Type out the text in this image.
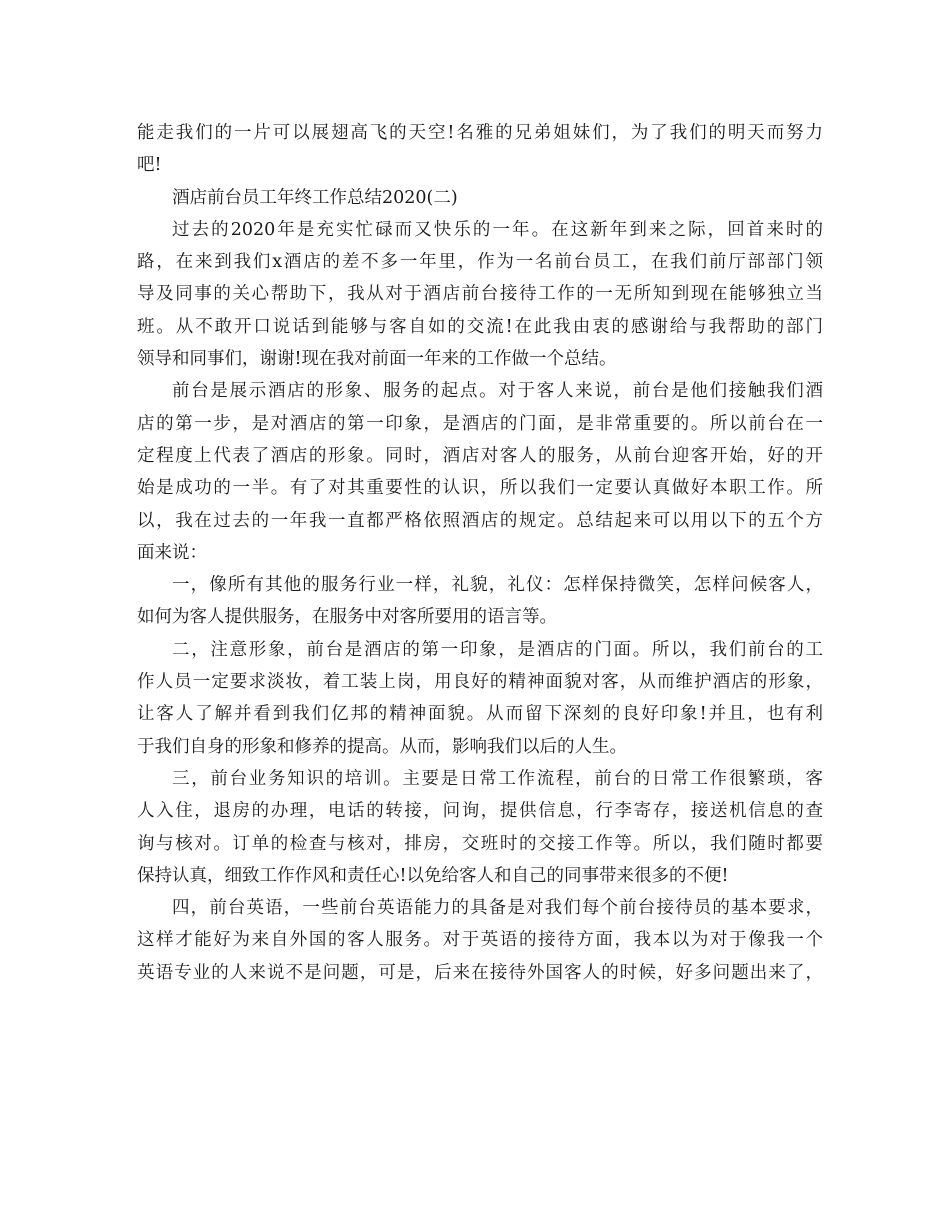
能走我们的一片可以展翅高飞的天空!名雅的兄弟姐妹们，为了我们的明天而努力
吧!
酒店前台员工年终工作总结2020(二)
过去的2020年是充实忙碌而又快乐的一年。在这新年到来之际，回首来时的
路，在来到我们x酒店的差不多一年里，作为一名前台员工，在我们前厅部部门领
导及同事的关心帮助下，我从对于酒店前台接待工作的一无所知到现在能够独立当
班。从不敢开口说话到能够与客自如的交流!在此我由衷的感谢给与我帮助的部门
领导和同事们，谢谢!现在我对前面一年来的工作做一个总结。
前台是展示酒店的形象、服务的起点。对于客人来说，前台是他们接触我们酒
店的第一步，是对酒店的第一印象，是酒店的门面，是非常重要的。所以前台在一
定程度上代表了酒店的形象。同时，酒店对客人的服务，从前台迎客开始，好的开
始是成功的一半。有了对其重要性的认识，所以我们一定要认真做好本职工作。所
以，我在过去的一年我一直都严格依照酒店的规定。总结起来可以用以下的五个方
面来说：
一，像所有其他的服务行业一样，礼貌，礼仪：怎样保持微笑，怎样问候客人，
如何为客人提供服务，在服务中对客所要用的语言等。
二，注意形象，前台是酒店的第一印象，是酒店的门面。所以，我们前台的工
作人员一定要求淡妆，着工装上岗，用良好的精神面貌对客，从而维护酒店的形象，
让客人了解并看到我们亿邦的精神面貌。从而留下深刻的良好印象!并且，也有利
于我们自身的形象和修养的提高。从而，影响我们以后的人生。
三，前台业务知识的培训。主要是日常工作流程，前台的日常工作很繁琐，客
人入住，退房的办理，电话的转接，问询，提供信息，行李寄存，接送机信息的查
询与核对。订单的检查与核对，排房，交班时的交接工作等。所以，我们随时都要
保持认真，细致工作作风和责任心!以免给客人和自己的同事带来很多的不便!
四，前台英语，一些前台英语能力的具备是对我们每个前台接待员的基本要求，
这样才能好为来自外国的客人服务。对于英语的接待方面，我本以为对于像我一个
英语专业的人来说不是问题，可是，后来在接待外国客人的时候，好多问题出来了，
